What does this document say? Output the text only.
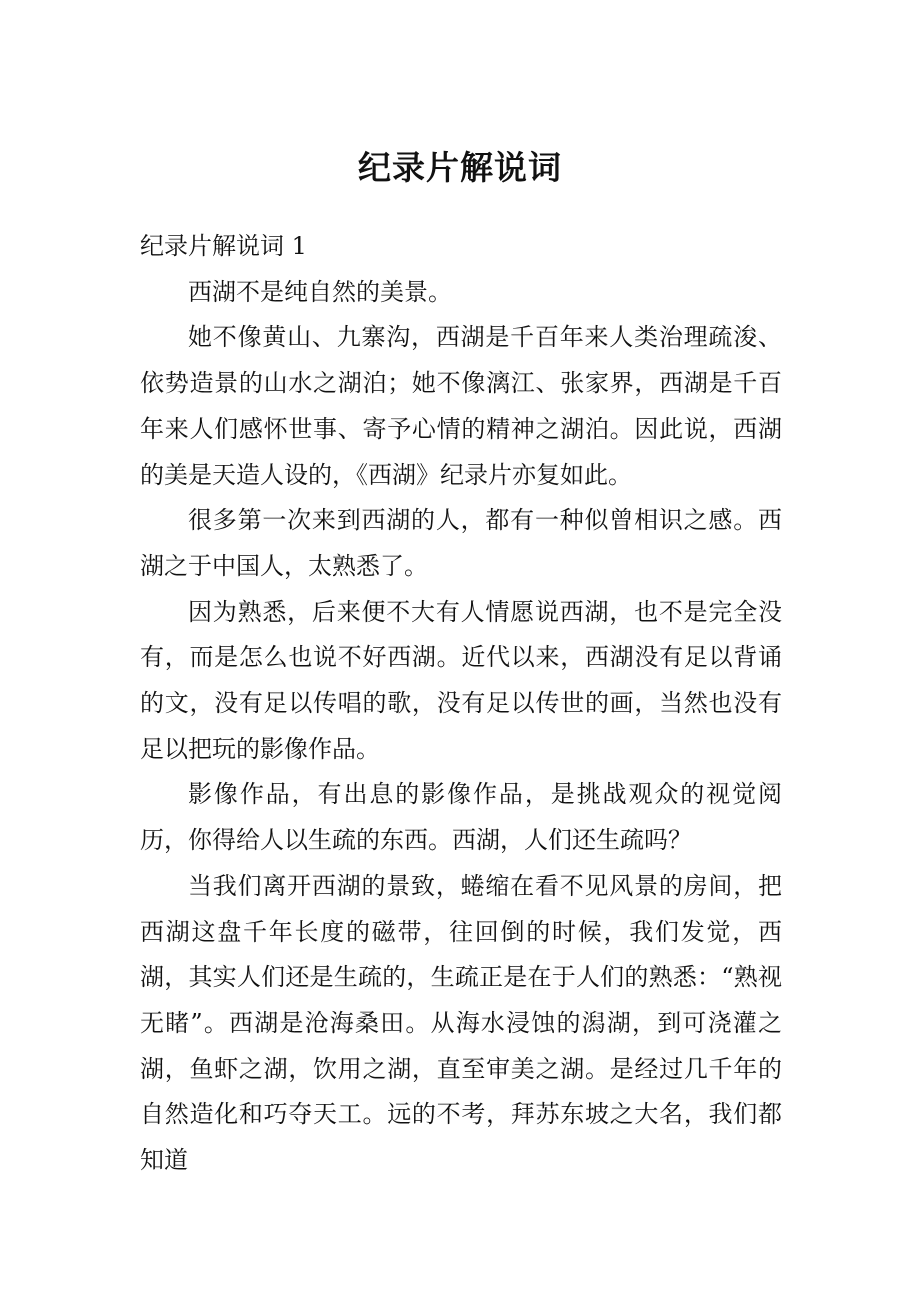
纪录片解说词

纪录片解说词 1

西湖不是纯自然的美景。

她不像黄山、九寨沟，西湖是千百年来人类治理疏浚、依势造景的山水之湖泊；她不像漓江、张家界，西湖是千百年来人们感怀世事、寄予心情的精神之湖泊。因此说，西湖的美是天造人设的，《西湖》纪录片亦复如此。

很多第一次来到西湖的人，都有一种似曾相识之感。西湖之于中国人，太熟悉了。

因为熟悉，后来便不大有人情愿说西湖，也不是完全没有，而是怎么也说不好西湖。近代以来，西湖没有足以背诵的文，没有足以传唱的歌，没有足以传世的画，当然也没有足以把玩的影像作品。

影像作品，有出息的影像作品，是挑战观众的视觉阅历，你得给人以生疏的东西。西湖，人们还生疏吗？

当我们离开西湖的景致，蜷缩在看不见风景的房间，把西湖这盘千年长度的磁带，往回倒的时候，我们发觉，西湖，其实人们还是生疏的，生疏正是在于人们的熟悉：“熟视无睹”。西湖是沧海桑田。从海水浸蚀的潟湖，到可浇灌之湖，鱼虾之湖，饮用之湖，直至审美之湖。是经过几千年的自然造化和巧夺天工。远的不考，拜苏东坡之大名，我们都知道
